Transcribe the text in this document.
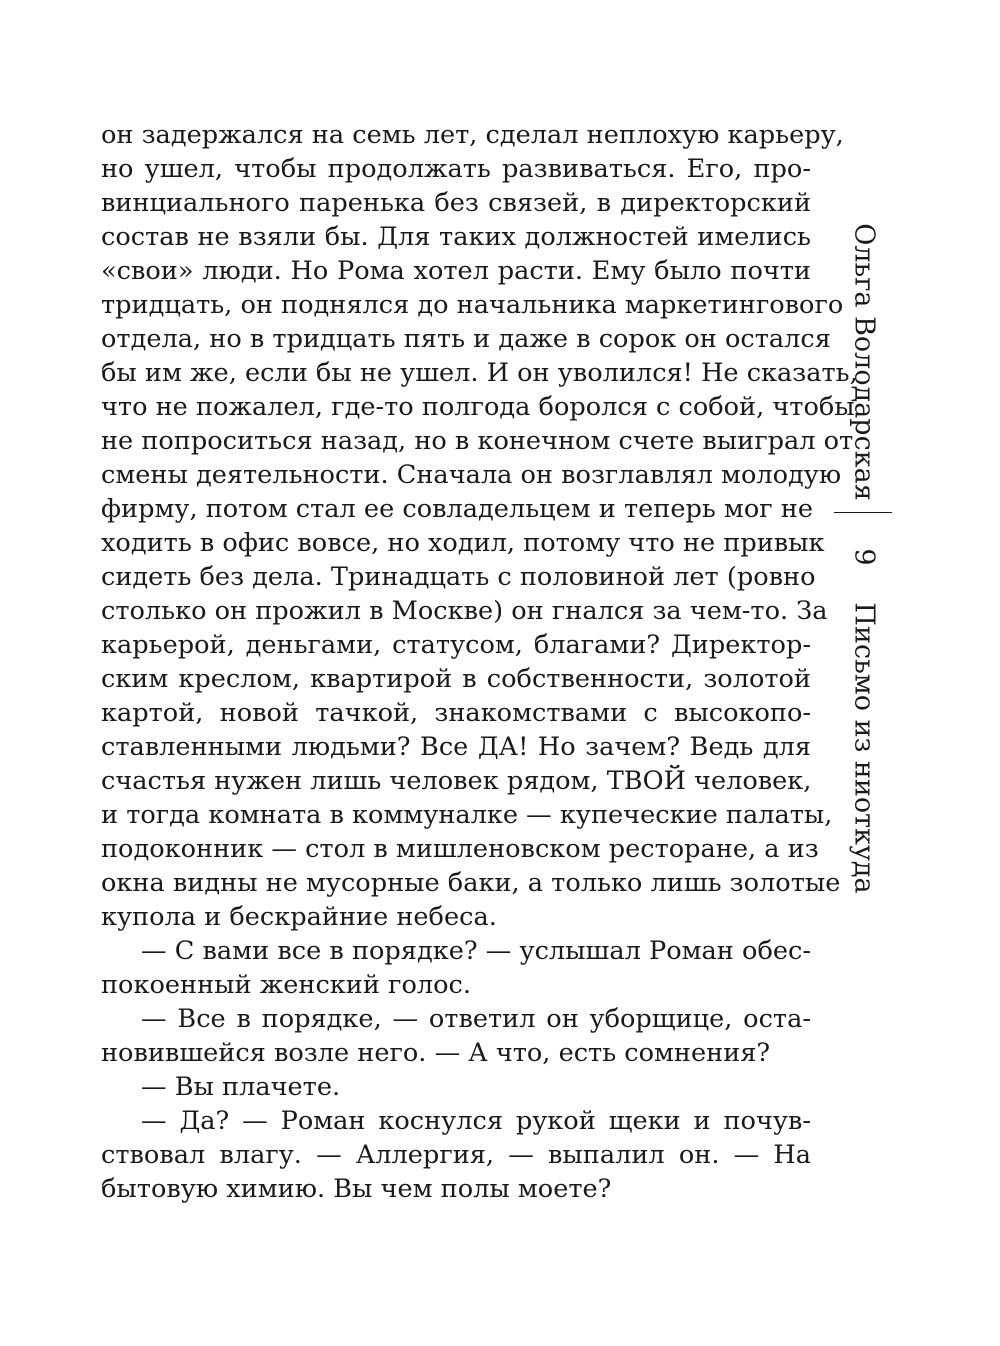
он задержался на семь лет, сделал неплохую карьеру,
но ушел, чтобы продолжать развиваться. Его, про-
винциального паренька без связей, в директорский
состав не взяли бы. Для таких должностей имелись
«свои» люди. Но Рома хотел расти. Ему было почти
тридцать, он поднялся до начальника маркетингового
отдела, но в тридцать пять и даже в сорок он остался
бы им же, если бы не ушел. И он уволился! Не сказать,
что не пожалел, где-то полгода боролся с собой, чтобы
не попроситься назад, но в конечном счете выиграл от
смены деятельности. Сначала он возглавлял молодую
фирму, потом стал ее совладельцем и теперь мог не
ходить в офис вовсе, но ходил, потому что не привык
сидеть без дела. Тринадцать с половиной лет (ровно
столько он прожил в Москве) он гнался за чем-то. За
карьерой, деньгами, статусом, благами? Директор-
ским креслом, квартирой в собственности, золотой
картой, новой тачкой, знакомствами с высокопо-
ставленными людьми? Все ДА! Но зачем? Ведь для
счастья нужен лишь человек рядом, ТВОЙ человек,
и тогда комната в коммуналке — купеческие палаты,
подоконник — стол в мишленовском ресторане, а из
окна видны не мусорные баки, а только лишь золотые
купола и бескрайние небеса.
— С вами все в порядке? — услышал Роман обес-
покоенный женский голос.
— Все в порядке, — ответил он уборщице, оста-
новившейся возле него. — А что, есть сомнения?
— Вы плачете.
— Да? — Роман коснулся рукой щеки и почув-
ствовал влагу. — Аллергия, — выпалил он. — На
бытовую химию. Вы чем полы моете?
Ольга Володарская
9
Письмо из ниоткуда
